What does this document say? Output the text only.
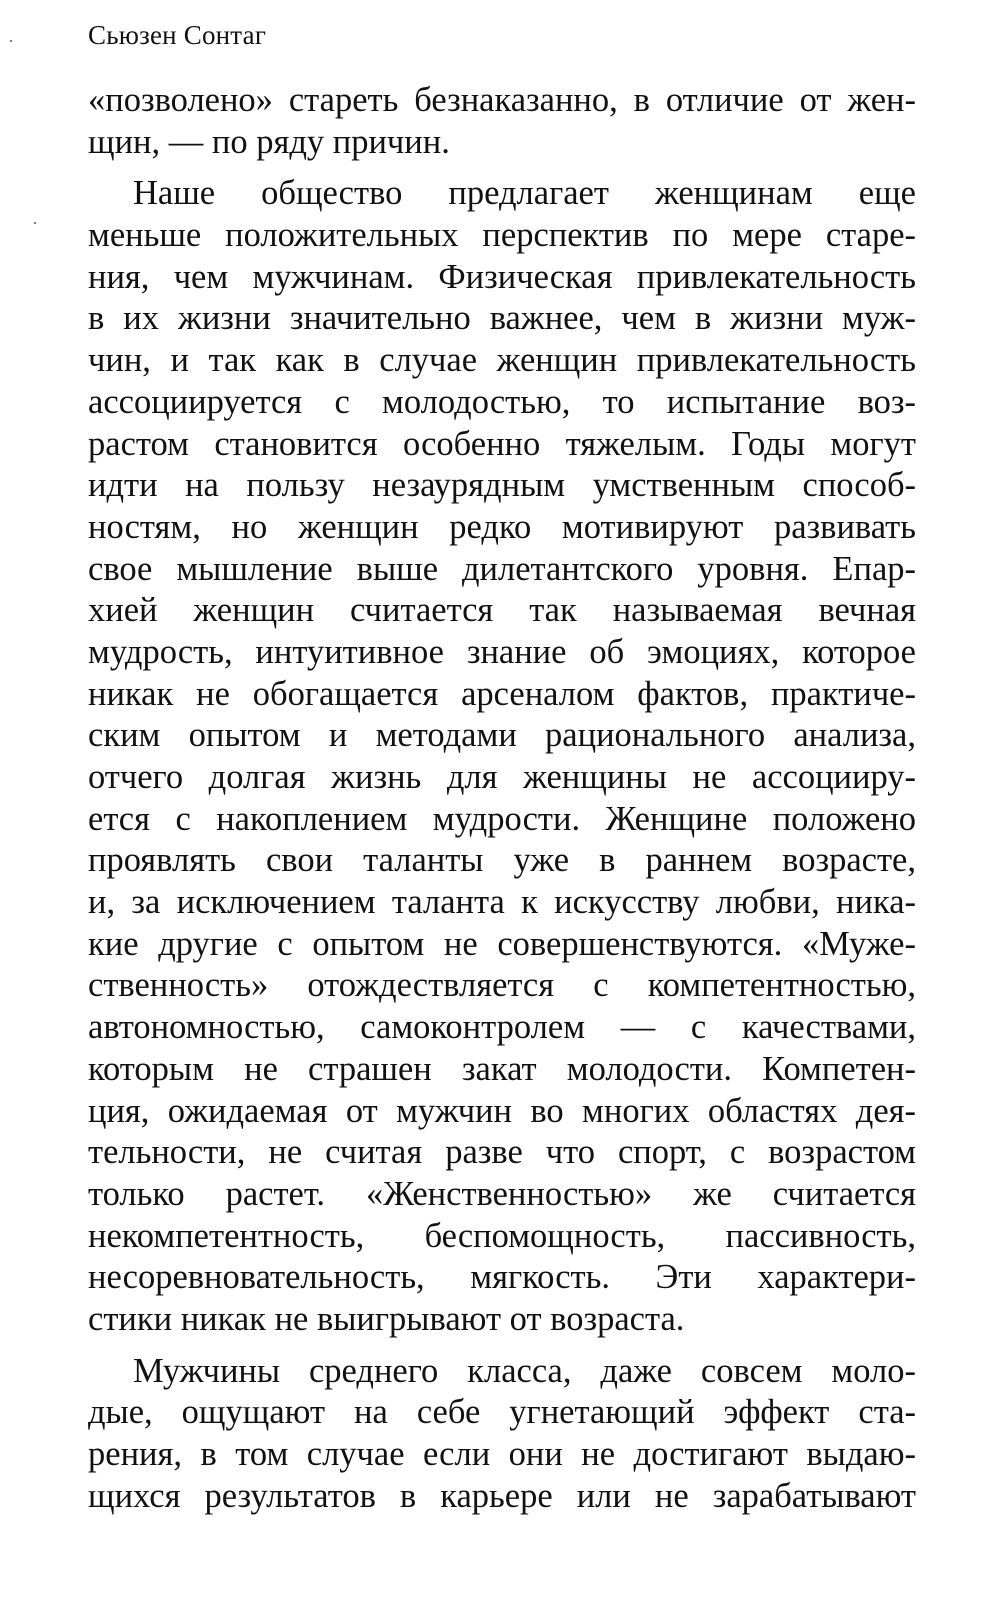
Сьюзен Сонтаг
«позволено» стареть безнаказанно, в отличие от жен-
щин, — по ряду причин.
Наше общество предлагает женщинам еще
меньше положительных перспектив по мере старе-
ния, чем мужчинам. Физическая привлекательность
в их жизни значительно важнее, чем в жизни муж-
чин, и так как в случае женщин привлекательность
ассоциируется с молодостью, то испытание воз-
растом становится особенно тяжелым. Годы могут
идти на пользу незаурядным умственным способ-
ностям, но женщин редко мотивируют развивать
свое мышление выше дилетантского уровня. Епар-
хией женщин считается так называемая вечная
мудрость, интуитивное знание об эмоциях, которое
никак не обогащается арсеналом фактов, практиче-
ским опытом и методами рационального анализа,
отчего долгая жизнь для женщины не ассоцииру-
ется с накоплением мудрости. Женщине положено
проявлять свои таланты уже в раннем возрасте,
и, за исключением таланта к искусству любви, ника-
кие другие с опытом не совершенствуются. «Муже-
ственность» отождествляется с компетентностью,
автономностью, самоконтролем — с качествами,
которым не страшен закат молодости. Компетен-
ция, ожидаемая от мужчин во многих областях дея-
тельности, не считая разве что спорт, с возрастом
только растет. «Женственностью» же считается
некомпетентность, беспомощность, пассивность,
несоревновательность, мягкость. Эти характери-
стики никак не выигрывают от возраста.
Мужчины среднего класса, даже совсем моло-
дые, ощущают на себе угнетающий эффект ста-
рения, в том случае если они не достигают выдаю-
щихся результатов в карьере или не зарабатывают
